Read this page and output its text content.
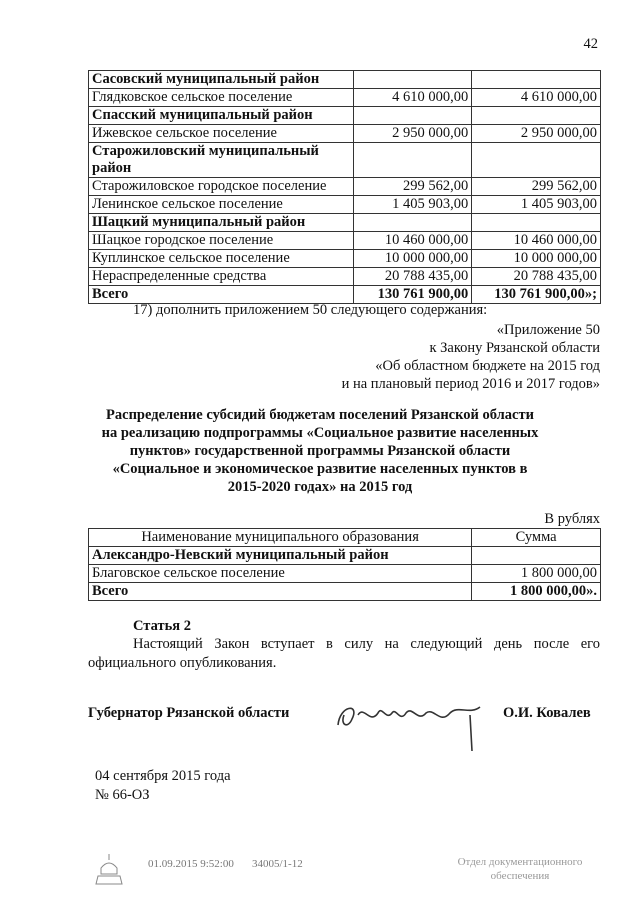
42
Сасовский муниципальный район		
Глядковское сельское поселение	4 610 000,00	4 610 000,00
Спасский муниципальный район		
Ижевское сельское поселение	2 950 000,00	2 950 000,00
Старожиловский муниципальный район		
Старожиловское городское поселение	299 562,00	299 562,00
Ленинское сельское поселение	1 405 903,00	1 405 903,00
Шацкий муниципальный район		
Шацкое городское поселение	10 460 000,00	10 460 000,00
Куплинское сельское поселение	10 000 000,00	10 000 000,00
Нераспределенные средства	20 788 435,00	20 788 435,00
Всего	130 761 900,00	130 761 900,00»;
17) дополнить приложением 50 следующего содержания:
«Приложение 50
к Закону Рязанской области
«Об областном бюджете на 2015 год
и на плановый период 2016 и 2017 годов»
Распределение субсидий бюджетам поселений Рязанской области
на реализацию подпрограммы «Социальное развитие населенных
пунктов» государственной программы Рязанской области
«Социальное и экономическое развитие населенных пунктов в
2015-2020 годах» на 2015 год
В рублях
Наименование муниципального образования	Сумма
Александро-Невский муниципальный район	
Благовское сельское поселение	1 800 000,00
Всего	1 800 000,00».
Статья 2
Настоящий Закон вступает в силу на следующий день после его
официального опубликования.
Губернатор Рязанской области	О.И. Ковалев
04 сентября 2015 года
№ 66-ОЗ
01.09.2015 9:52:00 34005/1-12	Отдел документационного
обеспечения
